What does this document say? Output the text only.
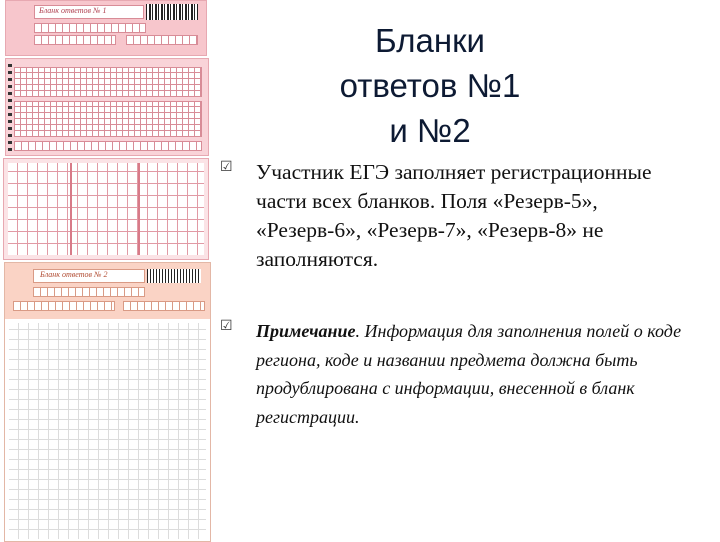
Бланк ответов № 1
Бланк ответов № 2
Бланки
ответов №1
и №2
☑ Участник ЕГЭ заполняет регистрационные части всех бланков. Поля «Резерв-5», «Резерв-6», «Резерв-7», «Резерв-8» не заполняются.
☑ Примечание. Информация для заполнения полей о коде региона, коде и названии предмета должна быть продублирована с информации, внесенной в бланк регистрации.
